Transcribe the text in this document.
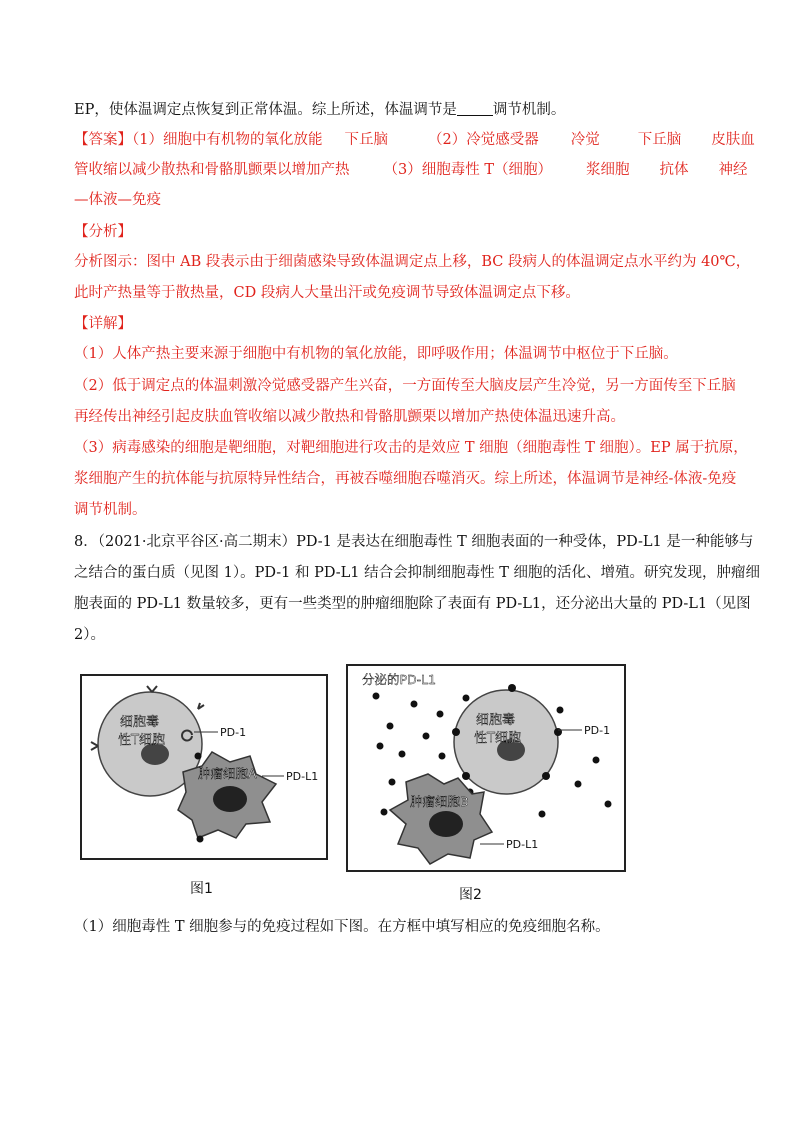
EP，使体温调定点恢复到正常体温。综上所述，体温调节是 调节机制。
【答案】（1）细胞中有机物的氧化放能 下丘脑	（2）冷觉感受器 冷觉	下丘脑 皮肤血
管收缩以减少散热和骨骼肌颤栗以增加产热 （3）细胞毒性 T（细胞） 浆细胞 抗体 神经
—体液—免疫
【分析】
分析图示：图中 AB 段表示由于细菌感染导致体温调定点上移，BC 段病人的体温调定点水平约为 40℃，
此时产热量等于散热量，CD 段病人大量出汗或免疫调节导致体温调定点下移。
【详解】
（1）人体产热主要来源于细胞中有机物的氧化放能，即呼吸作用；体温调节中枢位于下丘脑。
（2）低于调定点的体温刺激冷觉感受器产生兴奋，一方面传至大脑皮层产生冷觉，另一方面传至下丘脑
再经传出神经引起皮肤血管收缩以减少散热和骨骼肌颤栗以增加产热使体温迅速升高。
（3）病毒感染的细胞是靶细胞，对靶细胞进行攻击的是效应 T 细胞（细胞毒性 T 细胞）。EP 属于抗原，
浆细胞产生的抗体能与抗原特异性结合，再被吞噬细胞吞噬消灭。综上所述，体温调节是神经-体液-免疫
调节机制。
8．（2021·北京平谷区·高二期末）PD-1 是表达在细胞毒性 T 细胞表面的一种受体，PD-L1 是一种能够与
之结合的蛋白质（见图 1）。PD-1 和 PD-L1 结合会抑制细胞毒性 T 细胞的活化、增殖。研究发现，肿瘤细
胞表面的 PD-L1 数量较多，更有一些类型的肿瘤细胞除了表面有 PD-L1，还分泌出大量的 PD-L1（见图
2）。
细胞毒
性T细胞
PD-1
PD-L1
肿瘤细胞A
图1
分泌的PD-L1
细胞毒
性T细胞
PD-1
PD-L1
肿瘤细胞B
图2
（1）细胞毒性 T 细胞参与的免疫过程如下图。在方框中填写相应的免疫细胞名称。
